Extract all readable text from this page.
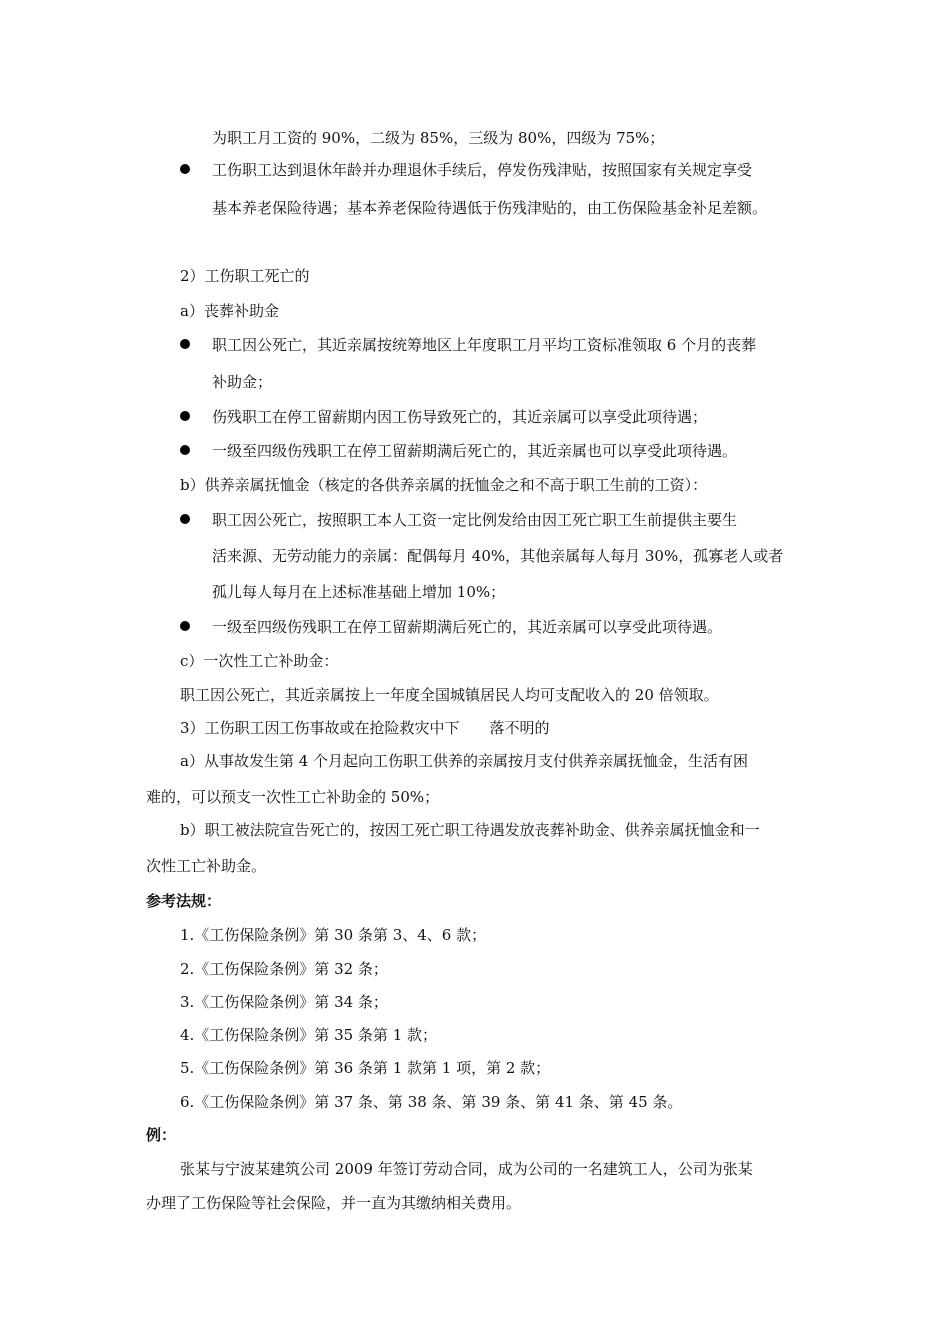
为职工月工资的 90%，二级为 85%，三级为 80%，四级为 75%；
工伤职工达到退休年龄并办理退休手续后，停发伤残津贴，按照国家有关规定享受
基本养老保险待遇；基本养老保险待遇低于伤残津贴的，由工伤保险基金补足差额。
2）工伤职工死亡的
a）丧葬补助金
职工因公死亡，其近亲属按统筹地区上年度职工月平均工资标准领取 6 个月的丧葬
补助金；
伤残职工在停工留薪期内因工伤导致死亡的，其近亲属可以享受此项待遇；
一级至四级伤残职工在停工留薪期满后死亡的，其近亲属也可以享受此项待遇。
b）供养亲属抚恤金（核定的各供养亲属的抚恤金之和不高于职工生前的工资）：
职工因公死亡，按照职工本人工资一定比例发给由因工死亡职工生前提供主要生
活来源、无劳动能力的亲属：配偶每月 40%，其他亲属每人每月 30%，孤寡老人或者
孤儿每人每月在上述标准基础上增加 10%；
一级至四级伤残职工在停工留薪期满后死亡的，其近亲属可以享受此项待遇。
c）一次性工亡补助金：
职工因公死亡，其近亲属按上一年度全国城镇居民人均可支配收入的 20 倍领取。
3）工伤职工因工伤事故或在抢险救灾中下　　落不明的
a）从事故发生第 4 个月起向工伤职工供养的亲属按月支付供养亲属抚恤金，生活有困
难的，可以预支一次性工亡补助金的 50%；
b）职工被法院宣告死亡的，按因工死亡职工待遇发放丧葬补助金、供养亲属抚恤金和一
次性工亡补助金。
参考法规：
1.《工伤保险条例》第 30 条第 3、4、6 款；
2.《工伤保险条例》第 32 条；
3.《工伤保险条例》第 34 条；
4.《工伤保险条例》第 35 条第 1 款；
5.《工伤保险条例》第 36 条第 1 款第 1 项，第 2 款；
6.《工伤保险条例》第 37 条、第 38 条、第 39 条、第 41 条、第 45 条。
例：
张某与宁波某建筑公司 2009 年签订劳动合同，成为公司的一名建筑工人，公司为张某
办理了工伤保险等社会保险，并一直为其缴纳相关费用。
